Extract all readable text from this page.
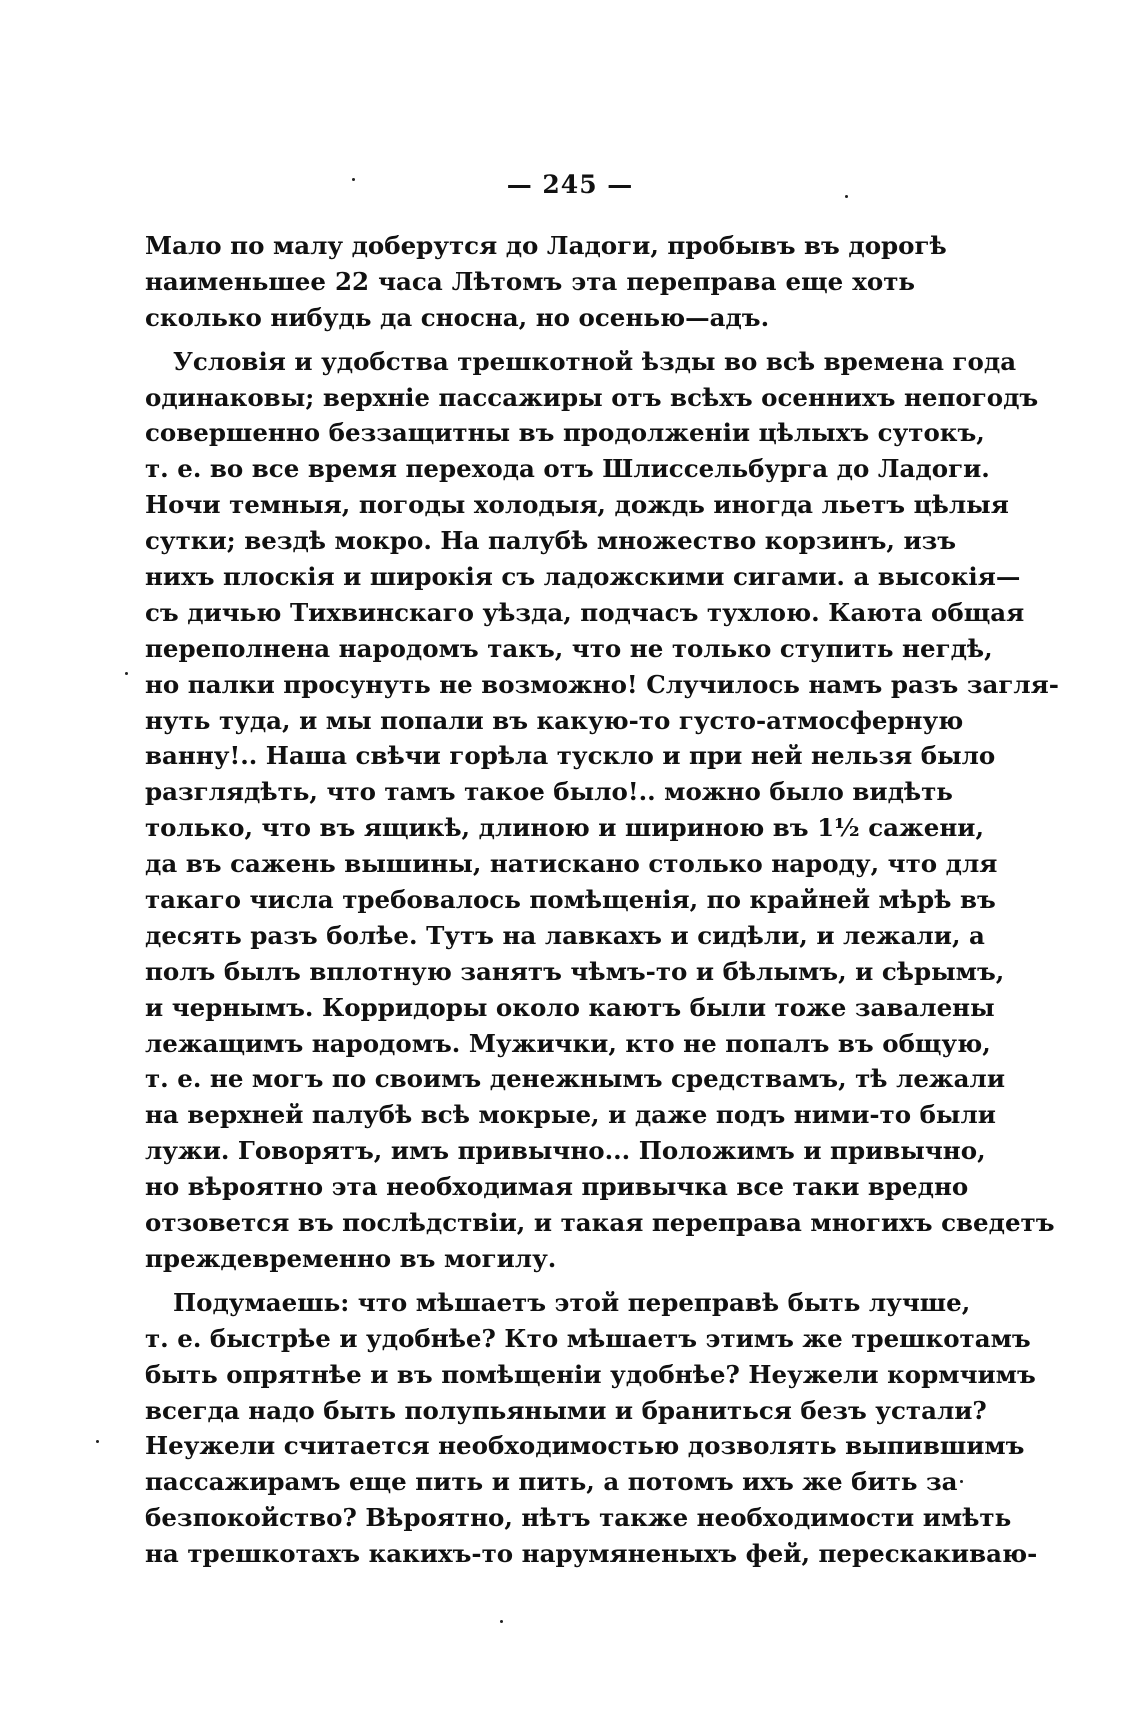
— 245 —
Мало по малу доберутся до Ладоги, пробывъ въ дорогѣ
наименьшее 22 часа Лѣтомъ эта переправа еще хоть
сколько нибудь да сносна, но осенью—адъ.
Условія и удобства трешкотной ѣзды во всѣ времена года
одинаковы; верхніе пассажиры отъ всѣхъ осеннихъ непогодъ
совершенно беззащитны въ продолженіи цѣлыхъ сутокъ,
т. е. во все время перехода отъ Шлиссельбурга до Ладоги.
Ночи темныя, погоды холодыя, дождь иногда льетъ цѣлыя
сутки; вездѣ мокро. На палубѣ множество корзинъ, изъ
нихъ плоскія и широкія съ ладожскими сигами. а высокія—
съ дичью Тихвинскаго уѣзда, подчасъ тухлою. Каюта общая
переполнена народомъ такъ, что не только ступить негдѣ,
но палки просунуть не возможно! Случилось намъ разъ загля-
нуть туда, и мы попали въ какую-то густо-атмосферную
ванну!.. Наша свѣчи горѣла тускло и при ней нельзя было
разглядѣть, что тамъ такое было!.. можно было видѣть
только, что въ ящикѣ, длиною и шириною въ 1½ сажени,
да въ сажень вышины, натискано столько народу, что для
такаго числа требовалось помѣщенія, по крайней мѣрѣ въ
десять разъ болѣе. Тутъ на лавкахъ и сидѣли, и лежали, а
полъ былъ вплотную занятъ чѣмъ-то и бѣлымъ, и сѣрымъ,
и чернымъ. Корридоры около каютъ были тоже завалены
лежащимъ народомъ. Мужички, кто не попалъ въ общую,
т. е. не могъ по своимъ денежнымъ средствамъ, тѣ лежали
на верхней палубѣ всѣ мокрые, и даже подъ ними-то были
лужи. Говорятъ, имъ привычно... Положимъ и привычно,
но вѣроятно эта необходимая привычка все таки вредно
отзовется въ послѣдствіи, и такая переправа многихъ сведетъ
преждевременно въ могилу.
Подумаешь: что мѣшаетъ этой переправѣ быть лучше,
т. е. быстрѣе и удобнѣе? Кто мѣшаетъ этимъ же трешкотамъ
быть опрятнѣе и въ помѣщеніи удобнѣе? Неужели кормчимъ
всегда надо быть полупьяными и браниться безъ устали?
Неужели считается необходимостью дозволять выпившимъ
пассажирамъ еще пить и пить, а потомъ ихъ же бить за
безпокойство? Вѣроятно, нѣтъ также необходимости имѣть
на трешкотахъ какихъ-то нарумяненыхъ фей, перескакиваю-
